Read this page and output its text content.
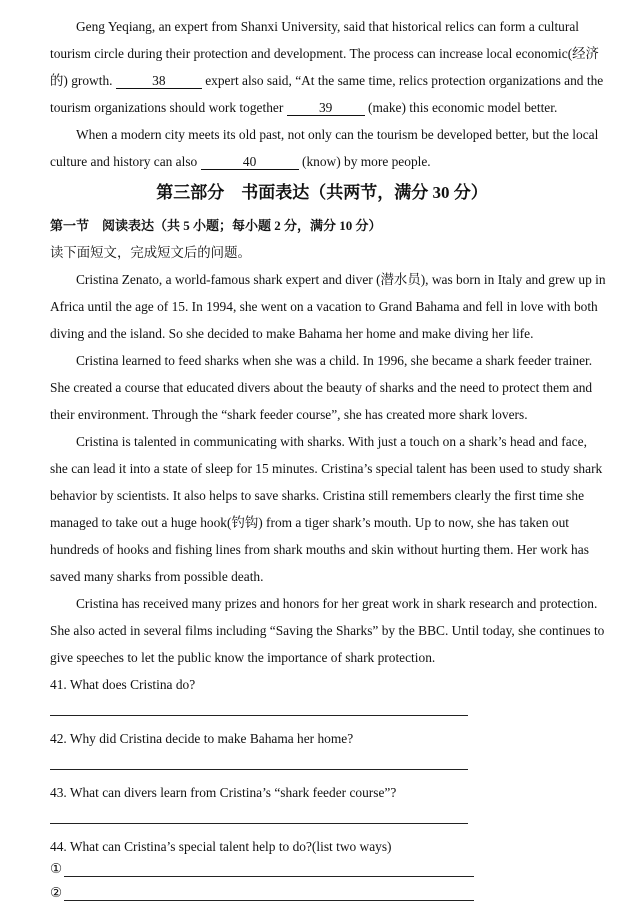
Geng Yeqiang, an expert from Shanxi University, said that historical relics can form a cultural
tourism circle during their protection and development. The process can increase local economic(经济
的) growth.	38	expert also said, “At the same time, relics protection organizations and the
tourism organizations should work together	39	(make) this economic model better.
When a modern city meets its old past, not only can the tourism be developed better, but the local
culture and history can also	40	(know) by more people.
第三部分　书面表达（共两节，满分 30 分）
第一节　阅读表达（共 5 小题；每小题 2 分，满分 10 分）
读下面短文，完成短文后的问题。
Cristina Zenato, a world-famous shark expert and diver (潜水员), was born in Italy and grew up in
Africa until the age of 15. In 1994, she went on a vacation to Grand Bahama and fell in love with both
diving and the island. So she decided to make Bahama her home and make diving her life.
Cristina learned to feed sharks when she was a child. In 1996, she became a shark feeder trainer.
She created a course that educated divers about the beauty of sharks and the need to protect them and
their environment. Through the “shark feeder course”, she has created more shark lovers.
Cristina is talented in communicating with sharks. With just a touch on a shark’s head and face,
she can lead it into a state of sleep for 15 minutes. Cristina’s special talent has been used to study shark
behavior by scientists. It also helps to save sharks. Cristina still remembers clearly the first time she
managed to take out a huge hook(钓钩) from a tiger shark’s mouth. Up to now, she has taken out
hundreds of hooks and fishing lines from shark mouths and skin without hurting them. Her work has
saved many sharks from possible death.
Cristina has received many prizes and honors for her great work in shark research and protection.
She also acted in several films including “Saving the Sharks” by the BBC. Until today, she continues to
give speeches to let the public know the importance of shark protection.
41. What does Cristina do?
42. Why did Cristina decide to make Bahama her home?
43. What can divers learn from Cristina’s “shark feeder course”?
44. What can Cristina’s special talent help to do?(list two ways)
①
②
